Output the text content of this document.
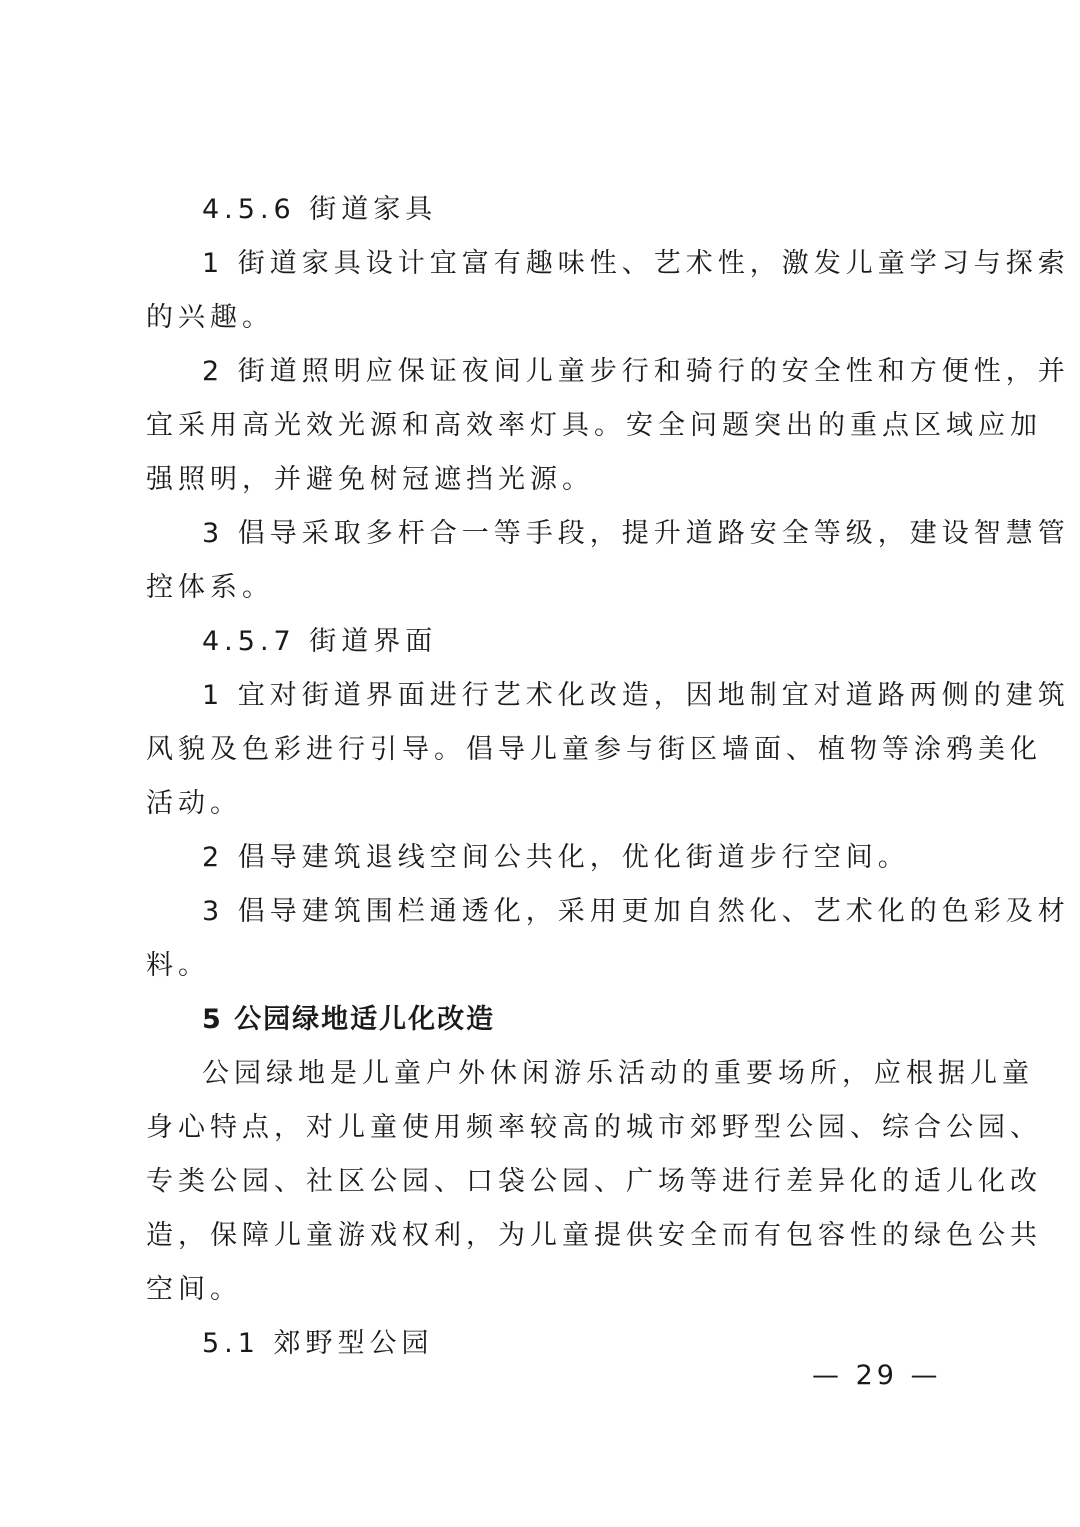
4.5.6 街道家具

1 街道家具设计宜富有趣味性、艺术性，激发儿童学习与探索

的兴趣。

2 街道照明应保证夜间儿童步行和骑行的安全性和方便性，并

宜采用高光效光源和高效率灯具。安全问题突出的重点区域应加

强照明，并避免树冠遮挡光源。

3 倡导采取多杆合一等手段，提升道路安全等级，建设智慧管

控体系。

4.5.7 街道界面

1 宜对街道界面进行艺术化改造，因地制宜对道路两侧的建筑

风貌及色彩进行引导。倡导儿童参与街区墙面、植物等涂鸦美化

活动。

2 倡导建筑退线空间公共化，优化街道步行空间。

3 倡导建筑围栏通透化，采用更加自然化、艺术化的色彩及材

料。

5 公园绿地适儿化改造

公园绿地是儿童户外休闲游乐活动的重要场所，应根据儿童

身心特点，对儿童使用频率较高的城市郊野型公园、综合公园、

专类公园、社区公园、口袋公园、广场等进行差异化的适儿化改

造，保障儿童游戏权利，为儿童提供安全而有包容性的绿色公共

空间。

5.1 郊野型公园

— 29 —
